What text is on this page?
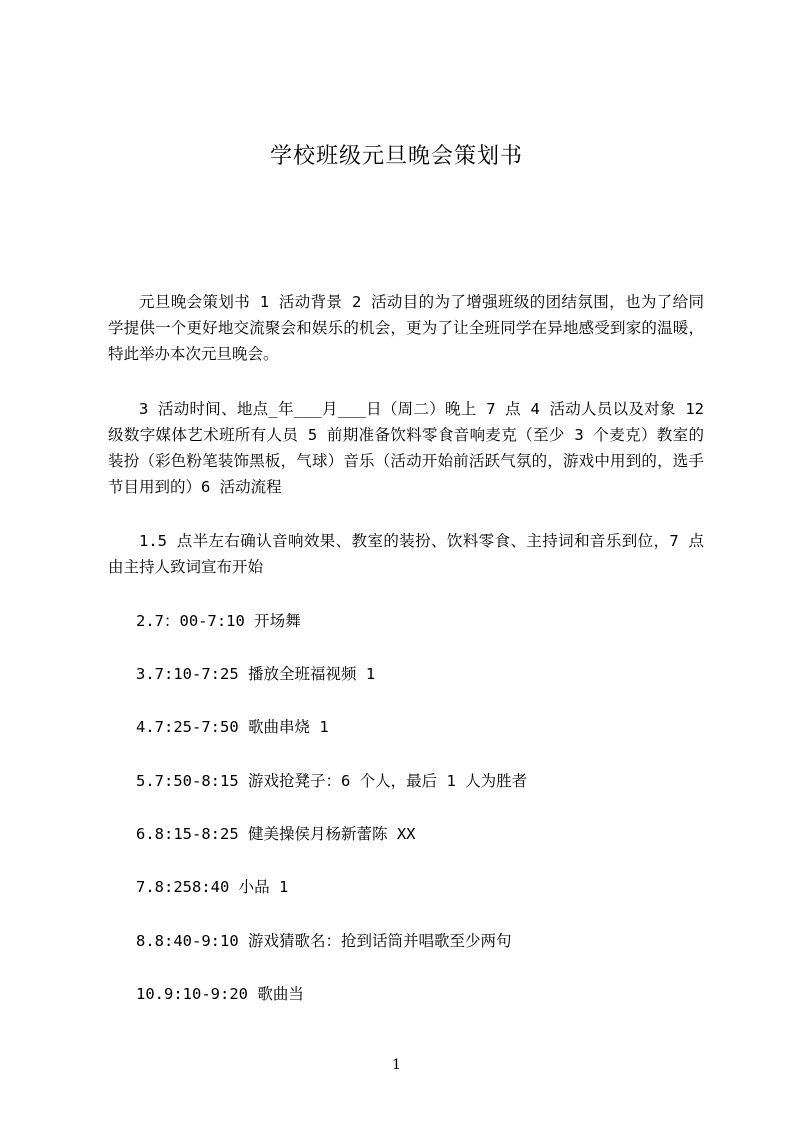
学校班级元旦晚会策划书

元旦晚会策划书 1 活动背景 2 活动目的为了增强班级的团结氛围，也为了给同学提供一个更好地交流聚会和娱乐的机会，更为了让全班同学在异地感受到家的温暖，特此举办本次元旦晚会。

3 活动时间、地点_年___月___日（周二）晚上 7 点 4 活动人员以及对象 12 级数字媒体艺术班所有人员 5 前期准备饮料零食音响麦克（至少 3 个麦克）教室的装扮（彩色粉笔装饰黑板，气球）音乐（活动开始前活跃气氛的，游戏中用到的，选手节目用到的）6 活动流程

1.5 点半左右确认音响效果、教室的装扮、饮料零食、主持词和音乐到位，7 点由主持人致词宣布开始

2.7：00-7:10 开场舞
3.7:10-7:25 播放全班福视频 1
4.7:25-7:50 歌曲串烧 1
5.7:50-8:15 游戏抢凳子：6 个人，最后 1 人为胜者
6.8:15-8:25 健美操侯月杨新蕾陈 XX
7.8:258:40 小品 1
8.8:40-9:10 游戏猜歌名：抢到话筒并唱歌至少两句
10.9:10-9:20 歌曲当
1
